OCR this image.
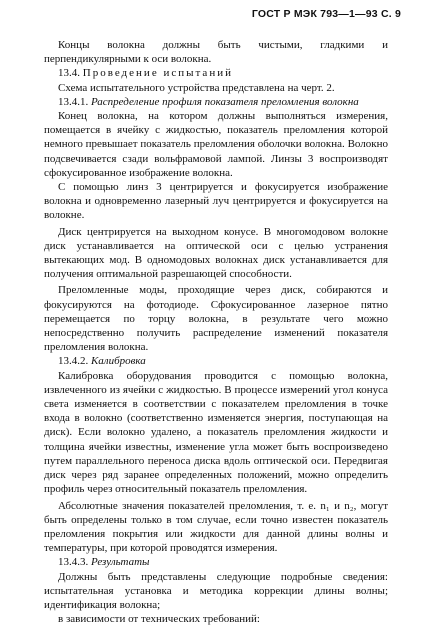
ГОСТ Р МЭК 793—1—93 С. 9

Концы волокна должны быть чистыми, гладкими и перпендикулярными к оси волокна.

13.4. Проведение испытаний

Схема испытательного устройства представлена на черт. 2.

13.4.1. Распределение профиля показателя преломления волокна

Конец волокна, на котором должны выполняться измерения, помещается в ячейку с жидкостью, показатель преломления которой немного превышает показатель преломления оболочки волокна. Волокно подсвечивается сзади вольфрамовой лампой. Линзы 3 воспроизводят сфокусированное изображение волокна.

С помощью линз 3 центрируется и фокусируется изображение волокна и одновременно лазерный луч центрируется и фокусируется на волокне.

Диск центрируется на выходном конусе. В многомодовом волокне диск устанавливается на оптической оси с целью устранения вытекающих мод. В одномодовых волокнах диск устанавливается для получения оптимальной разрешающей способности.

Преломленные моды, проходящие через диск, собираются и фокусируются на фотодиоде. Сфокусированное лазерное пятно перемещается по торцу волокна, в результате чего можно непосредственно получить распределение изменений показателя преломления волокна.

13.4.2. Калибровка

Калибровка оборудования проводится с помощью волокна, извлеченного из ячейки с жидкостью. В процессе измерений угол конуса света изменяется в соответствии с показателем преломления в точке входа в волокно (соответственно изменяется энергия, поступающая на диск). Если волокно удалено, а показатель преломления жидкости и толщина ячейки известны, изменение угла может быть воспроизведено путем параллельного переноса диска вдоль оптической оси. Передвигая диск через ряд заранее определенных положений, можно определить профиль через относительный показатель преломления.

Абсолютные значения показателей преломления, т. е. n₁ и n₂, могут быть определены только в том случае, если точно известен показатель преломления покрытия или жидкости для данной длины волны и температуры, при которой проводятся измерения.

13.4.3. Результаты

Должны быть представлены следующие подробные сведения: испытательная установка и методика коррекции длины волны; идентификация волокна;

в зависимости от технических требований:
